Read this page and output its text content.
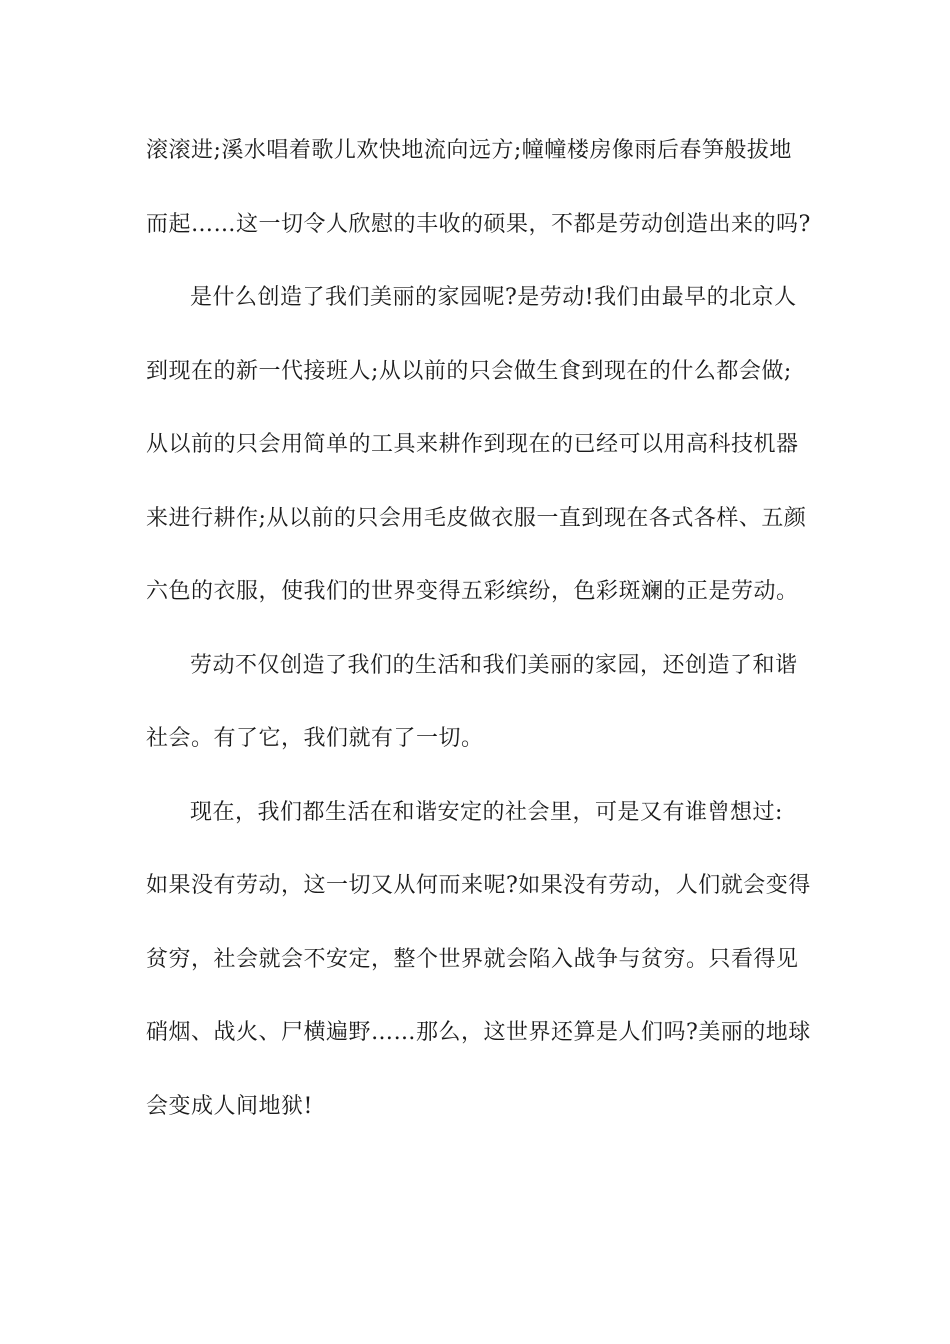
滚滚进;溪水唱着歌儿欢快地流向远方;幢幢楼房像雨后春笋般拔地
而起……这一切令人欣慰的丰收的硕果，不都是劳动创造出来的吗?
是什么创造了我们美丽的家园呢?是劳动!我们由最早的北京人
到现在的新一代接班人;从以前的只会做生食到现在的什么都会做;
从以前的只会用简单的工具来耕作到现在的已经可以用高科技机器
来进行耕作;从以前的只会用毛皮做衣服一直到现在各式各样、五颜
六色的衣服，使我们的世界变得五彩缤纷，色彩斑斓的正是劳动。
劳动不仅创造了我们的生活和我们美丽的家园，还创造了和谐
社会。有了它，我们就有了一切。
现在，我们都生活在和谐安定的社会里，可是又有谁曾想过:
如果没有劳动，这一切又从何而来呢?如果没有劳动，人们就会变得
贫穷，社会就会不安定，整个世界就会陷入战争与贫穷。只看得见
硝烟、战火、尸横遍野……那么，这世界还算是人们吗?美丽的地球
会变成人间地狱!
